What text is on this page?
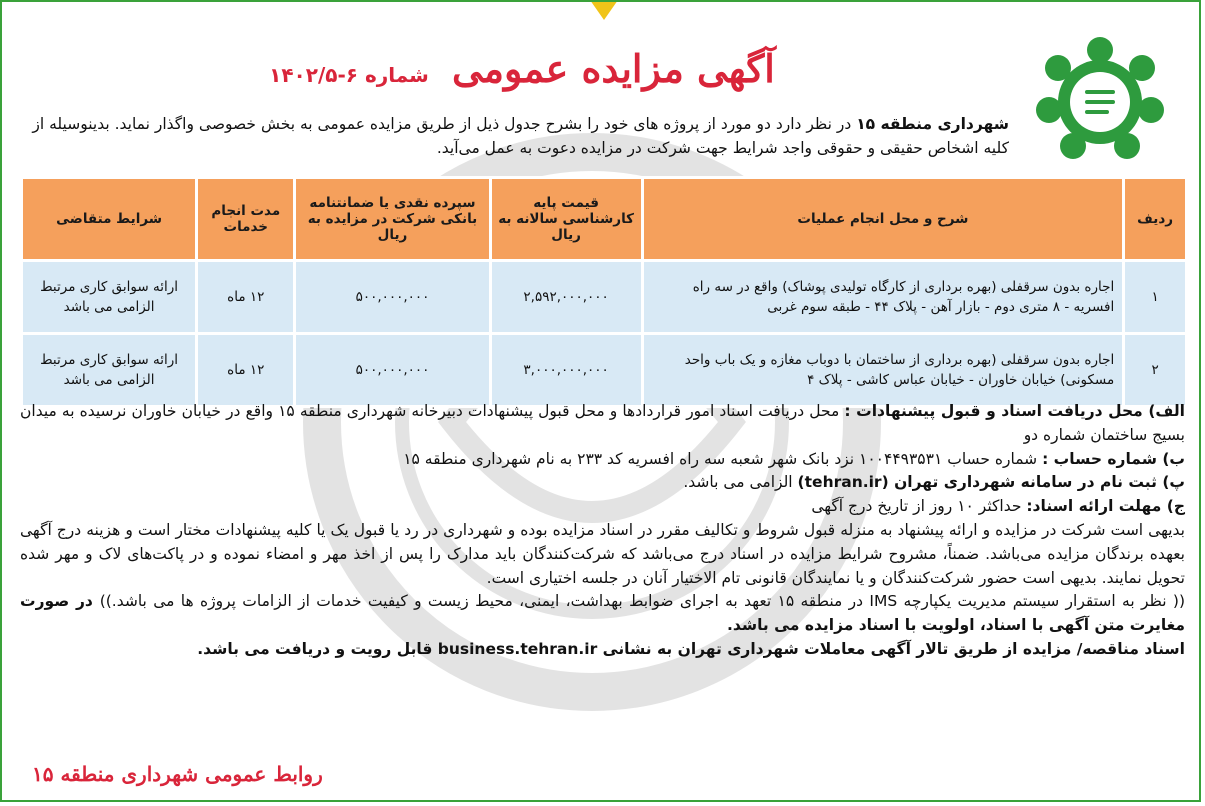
آگهی مزایده عمومی شماره ۶-۱۴۰۲/۵
شهرداری منطقه ۱۵ در نظر دارد دو مورد از پروژه های خود را بشرح جدول ذیل از طریق مزایده عمومی به بخش خصوصی واگذار نماید. بدینوسیله از کلیه اشخاص حقیقی و حقوقی واجد شرایط جهت شرکت در مزایده دعوت به عمل می‌آید.
ردیف	شرح و محل انجام عملیات	قیمت پایه کارشناسی سالانه به ریال	سپرده نقدی یا ضمانتنامه بانکی شرکت در مزایده به ریال	مدت انجام خدمات	شرایط متقاضی
۱	اجاره بدون سرقفلی (بهره برداری از کارگاه تولیدی پوشاک) واقع در سه راه افسریه - ۸ متری دوم - بازار آهن - پلاک ۴۴ - طبقه سوم غربی	۲,۵۹۲,۰۰۰,۰۰۰	۵۰۰,۰۰۰,۰۰۰	۱۲ ماه	ارائه سوابق کاری مرتبط الزامی می باشد
۲	اجاره بدون سرقفلی (بهره برداری از ساختمان با دوباب مغازه و یک باب واحد مسکونی) خیابان خاوران - خیابان عباس کاشی - پلاک ۴	۳,۰۰۰,۰۰۰,۰۰۰	۵۰۰,۰۰۰,۰۰۰	۱۲ ماه	ارائه سوابق کاری مرتبط الزامی می باشد

الف) محل دریافت اسناد و قبول پیشنهادات : محل دریافت اسناد امور قراردادها و محل قبول پیشنهادات دبیرخانه شهرداری منطقه ۱۵ واقع در خیابان خاوران نرسیده به میدان بسیج ساختمان شماره دو

ب) شماره حساب : شماره حساب ۱۰۰۴۴۹۳۵۳۱ نزد بانک شهر شعبه سه راه افسریه کد ۲۳۳ به نام شهرداری منطقه ۱۵

پ) ثبت نام در سامانه شهرداری تهران (tehran.ir) الزامی می باشد.

ج) مهلت ارائه اسناد: حداکثر ۱۰ روز از تاریخ درج آگهی

بدیهی است شرکت در مزایده و ارائه پیشنهاد به منزله قبول شروط و تکالیف مقرر در اسناد مزایده بوده و شهرداری در رد یا قبول یک یا کلیه پیشنهادات مختار است و هزینه درج آگهی بعهده برندگان مزایده می‌باشد. ضمناً، مشروح شرایط مزایده در اسناد درج می‌باشد که شرکت‌کنندگان باید مدارک را پس از اخذ مهر و امضاء نموده و در پاکت‌های لاک و مهر شده تحویل نمایند. بدیهی است حضور شرکت‌کنندگان و یا نمایندگان قانونی تام الاختیار آنان در جلسه اختیاری است.

(( نظر به استقرار سیستم مدیریت یکپارچه IMS در منطقه ۱۵ تعهد به اجرای ضوابط بهداشت، ایمنی، محیط زیست و کیفیت خدمات از الزامات پروژه ها می باشد.)) در صورت مغایرت متن آگهی با اسناد، اولویت با اسناد مزایده می باشد.

اسناد مناقصه/ مزایده از طریق تالار آگهی معاملات شهرداری تهران به نشانی business.tehran.ir قابل رویت و دریافت می باشد.

روابط عمومی شهرداری منطقه ۱۵
